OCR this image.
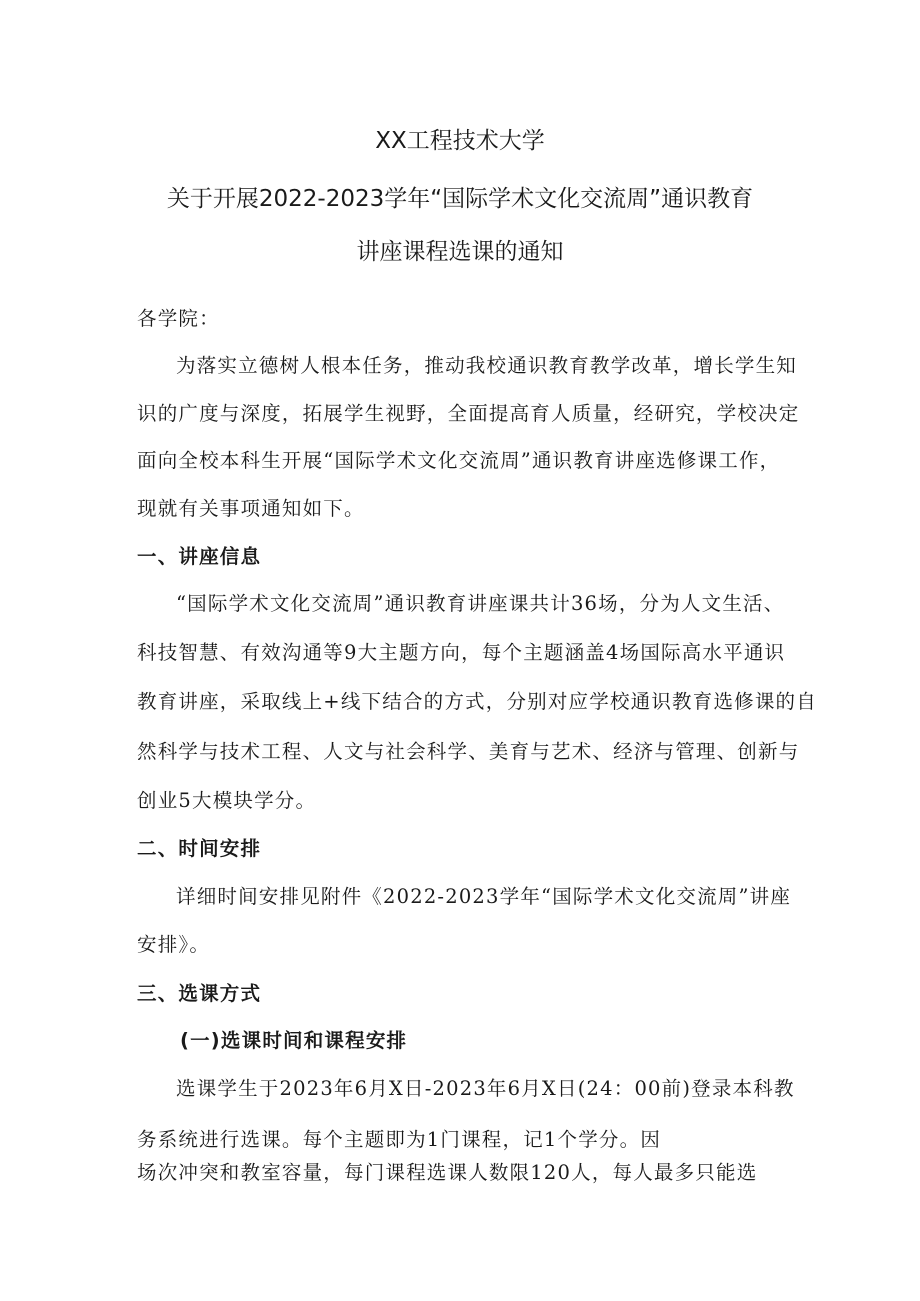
XX工程技术大学
关于开展2022-2023学年“国际学术文化交流周”通识教育
讲座课程选课的通知
各学院：
为落实立德树人根本任务，推动我校通识教育教学改革，增长学生知
识的广度与深度，拓展学生视野，全面提高育人质量，经研究，学校决定
面向全校本科生开展“国际学术文化交流周”通识教育讲座选修课工作，
现就有关事项通知如下。
一、讲座信息
“国际学术文化交流周”通识教育讲座课共计36场，分为人文生活、
科技智慧、有效沟通等9大主题方向，每个主题涵盖4场国际高水平通识
教育讲座，采取线上+线下结合的方式，分别对应学校通识教育选修课的自
然科学与技术工程、人文与社会科学、美育与艺术、经济与管理、创新与
创业5大模块学分。
二、时间安排
详细时间安排见附件《2022-2023学年“国际学术文化交流周”讲座
安排》。
三、选课方式
(一)选课时间和课程安排
选课学生于2023年6月X日-2023年6月X日(24：00前)登录本科教
务系统进行选课。每个主题即为1门课程，记1个学分。因
场次冲突和教室容量，每门课程选课人数限120人，每人最多只能选
